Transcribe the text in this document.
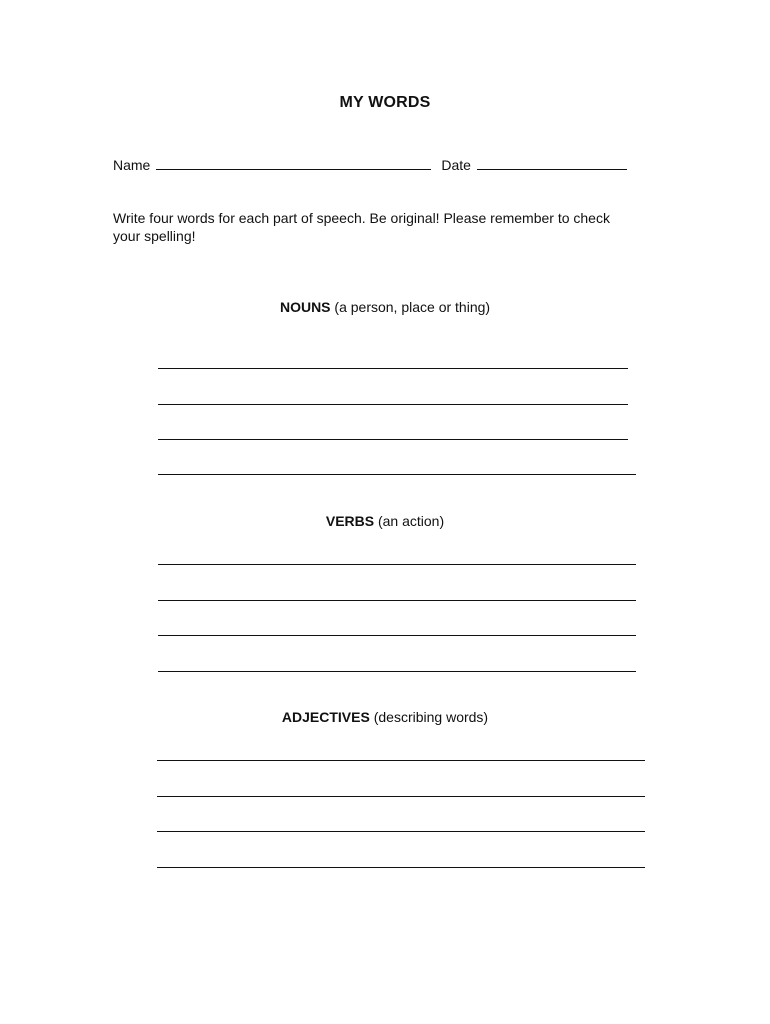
MY WORDS
Name	Date
Write four words for each part of speech. Be original! Please remember to check your spelling!
NOUNS (a person, place or thing)
VERBS (an action)
ADJECTIVES (describing words)
